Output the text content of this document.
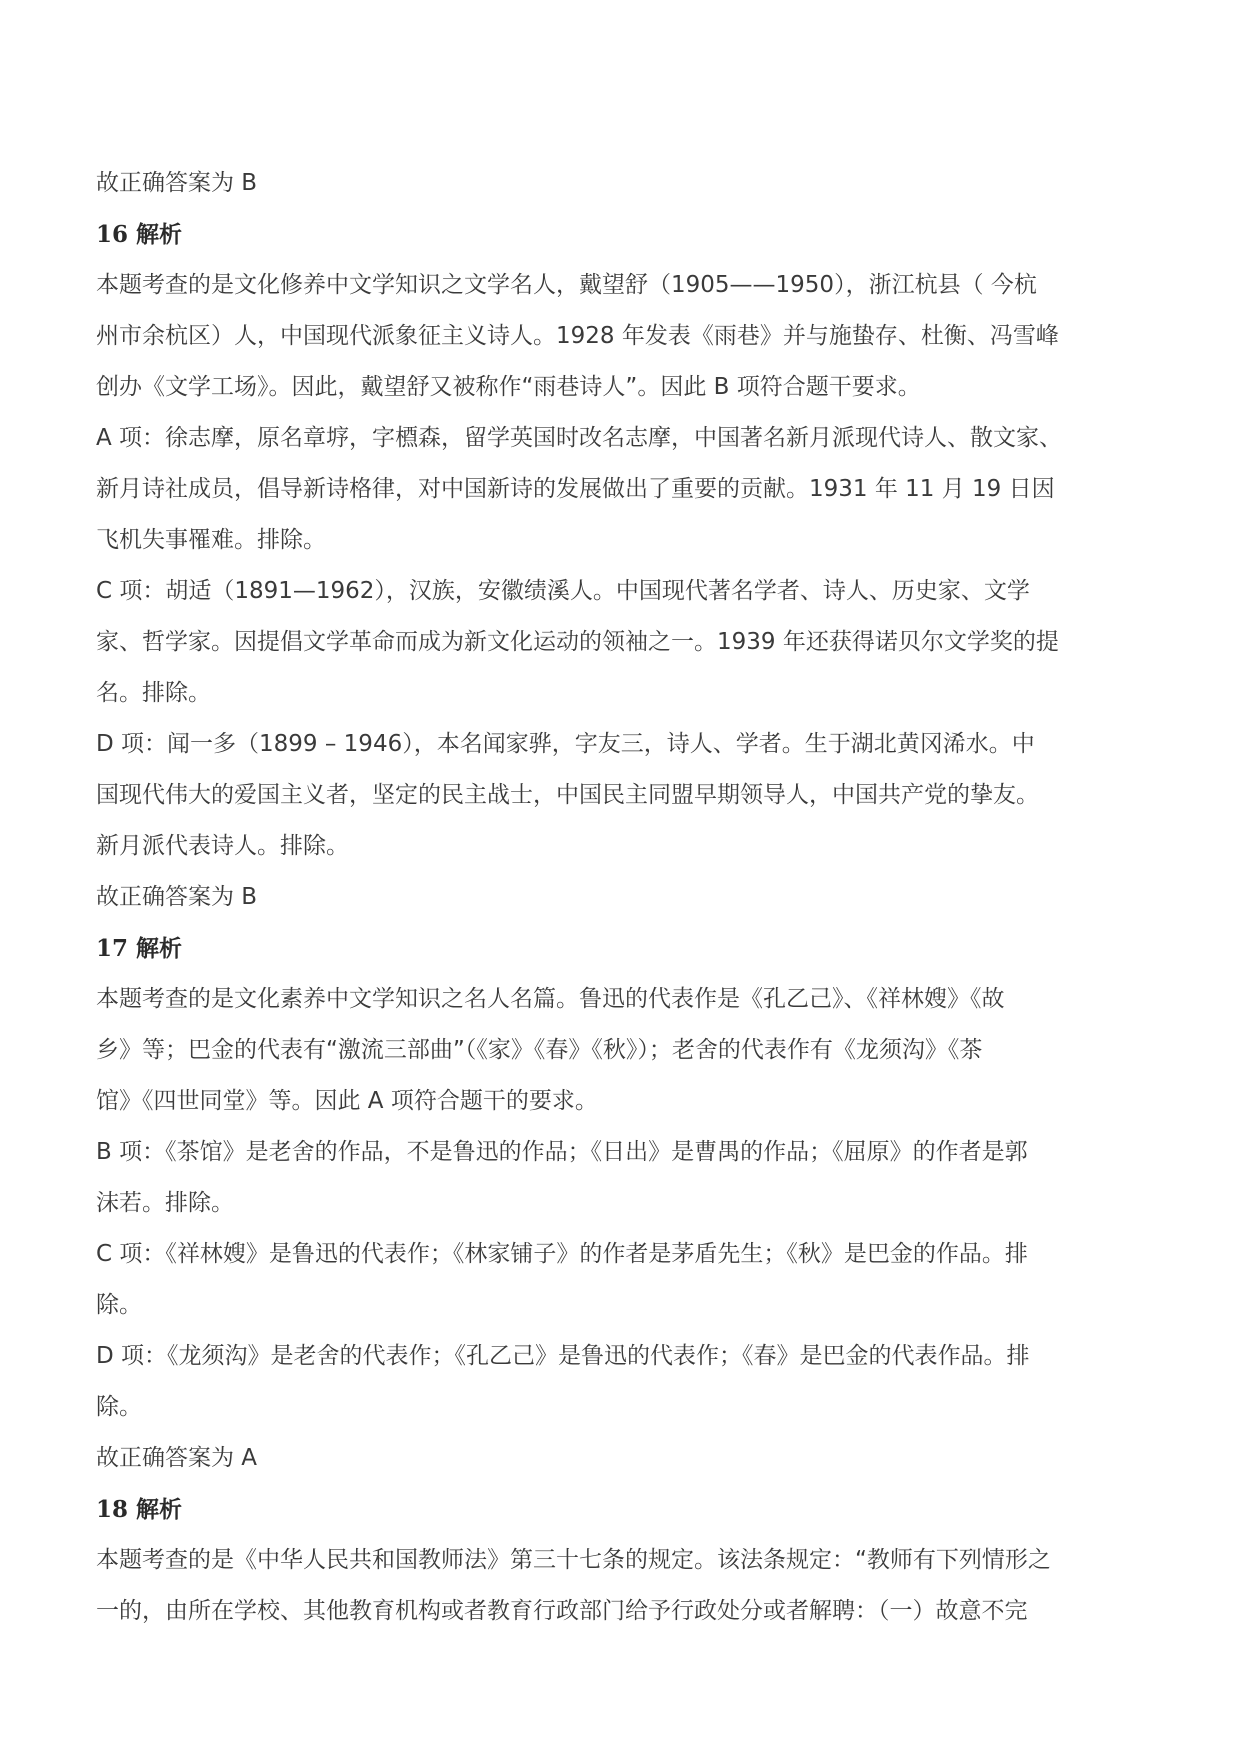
故正确答案为 B
16 解析
本题考查的是文化修养中文学知识之文学名人，戴望舒（1905——1950），浙江杭县（ 今杭
州市余杭区）人，中国现代派象征主义诗人。1928 年发表《雨巷》并与施蛰存、杜衡、冯雪峰
创办《文学工场》。因此，戴望舒又被称作“雨巷诗人”。因此 B 项符合题干要求。
A 项：徐志摩，原名章垿，字槱森，留学英国时改名志摩，中国著名新月派现代诗人、散文家、
新月诗社成员，倡导新诗格律，对中国新诗的发展做出了重要的贡献。1931 年 11 月 19 日因
飞机失事罹难。排除。
C 项：胡适（1891—1962），汉族，安徽绩溪人。中国现代著名学者、诗人、历史家、文学
家、哲学家。因提倡文学革命而成为新文化运动的领袖之一。1939 年还获得诺贝尔文学奖的提
名。排除。
D 项：闻一多（1899 – 1946），本名闻家骅，字友三，诗人、学者。生于湖北黄冈浠水。中
国现代伟大的爱国主义者，坚定的民主战士，中国民主同盟早期领导人，中国共产党的挚友。
新月派代表诗人。排除。
故正确答案为 B
17 解析
本题考查的是文化素养中文学知识之名人名篇。鲁迅的代表作是《孔乙己》、《祥林嫂》《故
乡》等；巴金的代表有“激流三部曲”（《家》《春》《秋》）；老舍的代表作有《龙须沟》《茶
馆》《四世同堂》等。因此 A 项符合题干的要求。
B 项：《茶馆》是老舍的作品，不是鲁迅的作品；《日出》是曹禺的作品；《屈原》的作者是郭
沫若。排除。
C 项：《祥林嫂》是鲁迅的代表作；《林家铺子》的作者是茅盾先生；《秋》是巴金的作品。排
除。
D 项：《龙须沟》是老舍的代表作；《孔乙己》是鲁迅的代表作；《春》是巴金的代表作品。排
除。
故正确答案为 A
18 解析
本题考查的是《中华人民共和国教师法》第三十七条的规定。该法条规定：“教师有下列情形之
一的，由所在学校、其他教育机构或者教育行政部门给予行政处分或者解聘：（一）故意不完
